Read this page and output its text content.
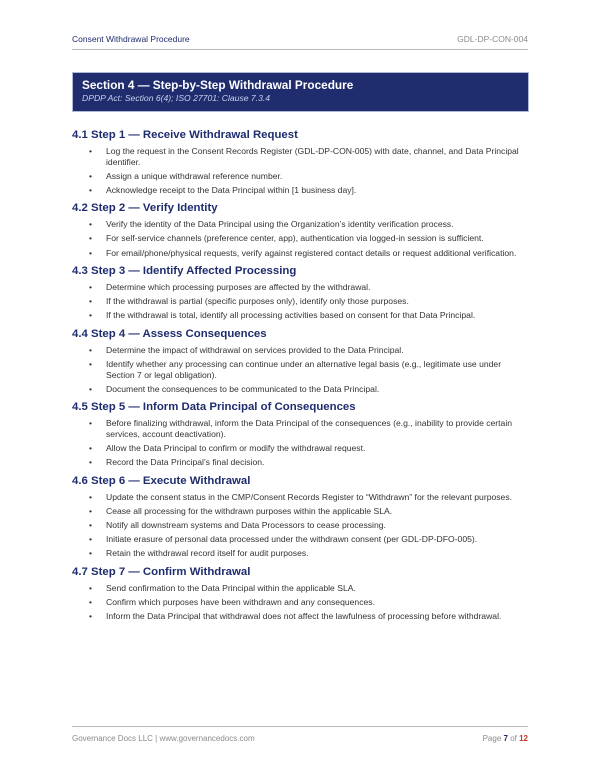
Consent Withdrawal Procedure	GDL-DP-CON-004
Section 4 — Step-by-Step Withdrawal Procedure
DPDP Act: Section 6(4); ISO 27701: Clause 7.3.4
4.1 Step 1 — Receive Withdrawal Request
• Log the request in the Consent Records Register (GDL-DP-CON-005) with date, channel, and Data Principal identifier.
• Assign a unique withdrawal reference number.
• Acknowledge receipt to the Data Principal within [1 business day].
4.2 Step 2 — Verify Identity
• Verify the identity of the Data Principal using the Organization’s identity verification process.
• For self-service channels (preference center, app), authentication via logged-in session is sufficient.
• For email/phone/physical requests, verify against registered contact details or request additional verification.
4.3 Step 3 — Identify Affected Processing
• Determine which processing purposes are affected by the withdrawal.
• If the withdrawal is partial (specific purposes only), identify only those purposes.
• If the withdrawal is total, identify all processing activities based on consent for that Data Principal.
4.4 Step 4 — Assess Consequences
• Determine the impact of withdrawal on services provided to the Data Principal.
• Identify whether any processing can continue under an alternative legal basis (e.g., legitimate use under Section 7 or legal obligation).
• Document the consequences to be communicated to the Data Principal.
4.5 Step 5 — Inform Data Principal of Consequences
• Before finalizing withdrawal, inform the Data Principal of the consequences (e.g., inability to provide certain services, account deactivation).
• Allow the Data Principal to confirm or modify the withdrawal request.
• Record the Data Principal’s final decision.
4.6 Step 6 — Execute Withdrawal
• Update the consent status in the CMP/Consent Records Register to “Withdrawn” for the relevant purposes.
• Cease all processing for the withdrawn purposes within the applicable SLA.
• Notify all downstream systems and Data Processors to cease processing.
• Initiate erasure of personal data processed under the withdrawn consent (per GDL-DP-DFO-005).
• Retain the withdrawal record itself for audit purposes.
4.7 Step 7 — Confirm Withdrawal
• Send confirmation to the Data Principal within the applicable SLA.
• Confirm which purposes have been withdrawn and any consequences.
• Inform the Data Principal that withdrawal does not affect the lawfulness of processing before withdrawal.
Governance Docs LLC | www.governancedocs.com	Page 7 of 12
